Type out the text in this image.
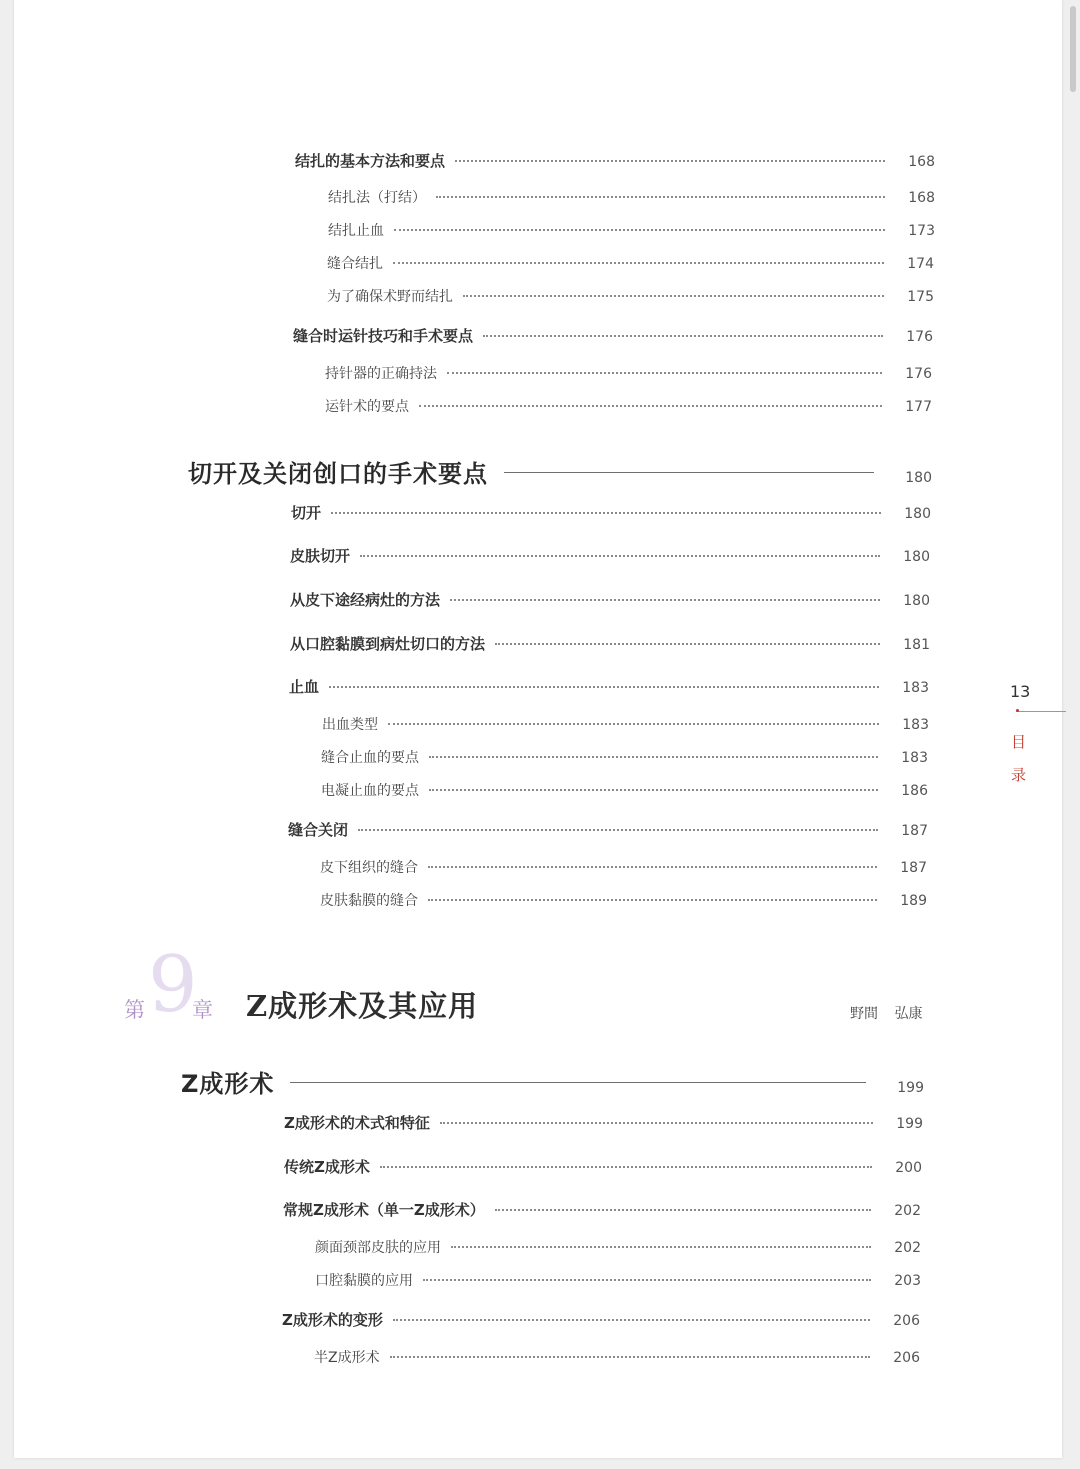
结扎的基本方法和要点	168
结扎法（打结）	168
结扎止血	173
缝合结扎	174
为了确保术野而结扎	175
缝合时运针技巧和手术要点	176
持针器的正确持法	176
运针术的要点	177
切开及关闭创口的手术要点	180
切开	180
皮肤切开	180
从皮下途经病灶的方法	180
从口腔黏膜到病灶切口的方法	181
止血	183
出血类型	183
缝合止血的要点	183
电凝止血的要点	186
缝合关闭	187
皮下组织的缝合	187
皮肤黏膜的缝合	189
第 9
章 Z成形术及其应用	野間 弘康
Z成形术	199
Z成形术的术式和特征	199
传统Z成形术	200
常规Z成形术（单一Z成形术）	202
颜面颈部皮肤的应用	202
口腔黏膜的应用	203
Z成形术的变形	206
半Z成形术	206
13
目录
